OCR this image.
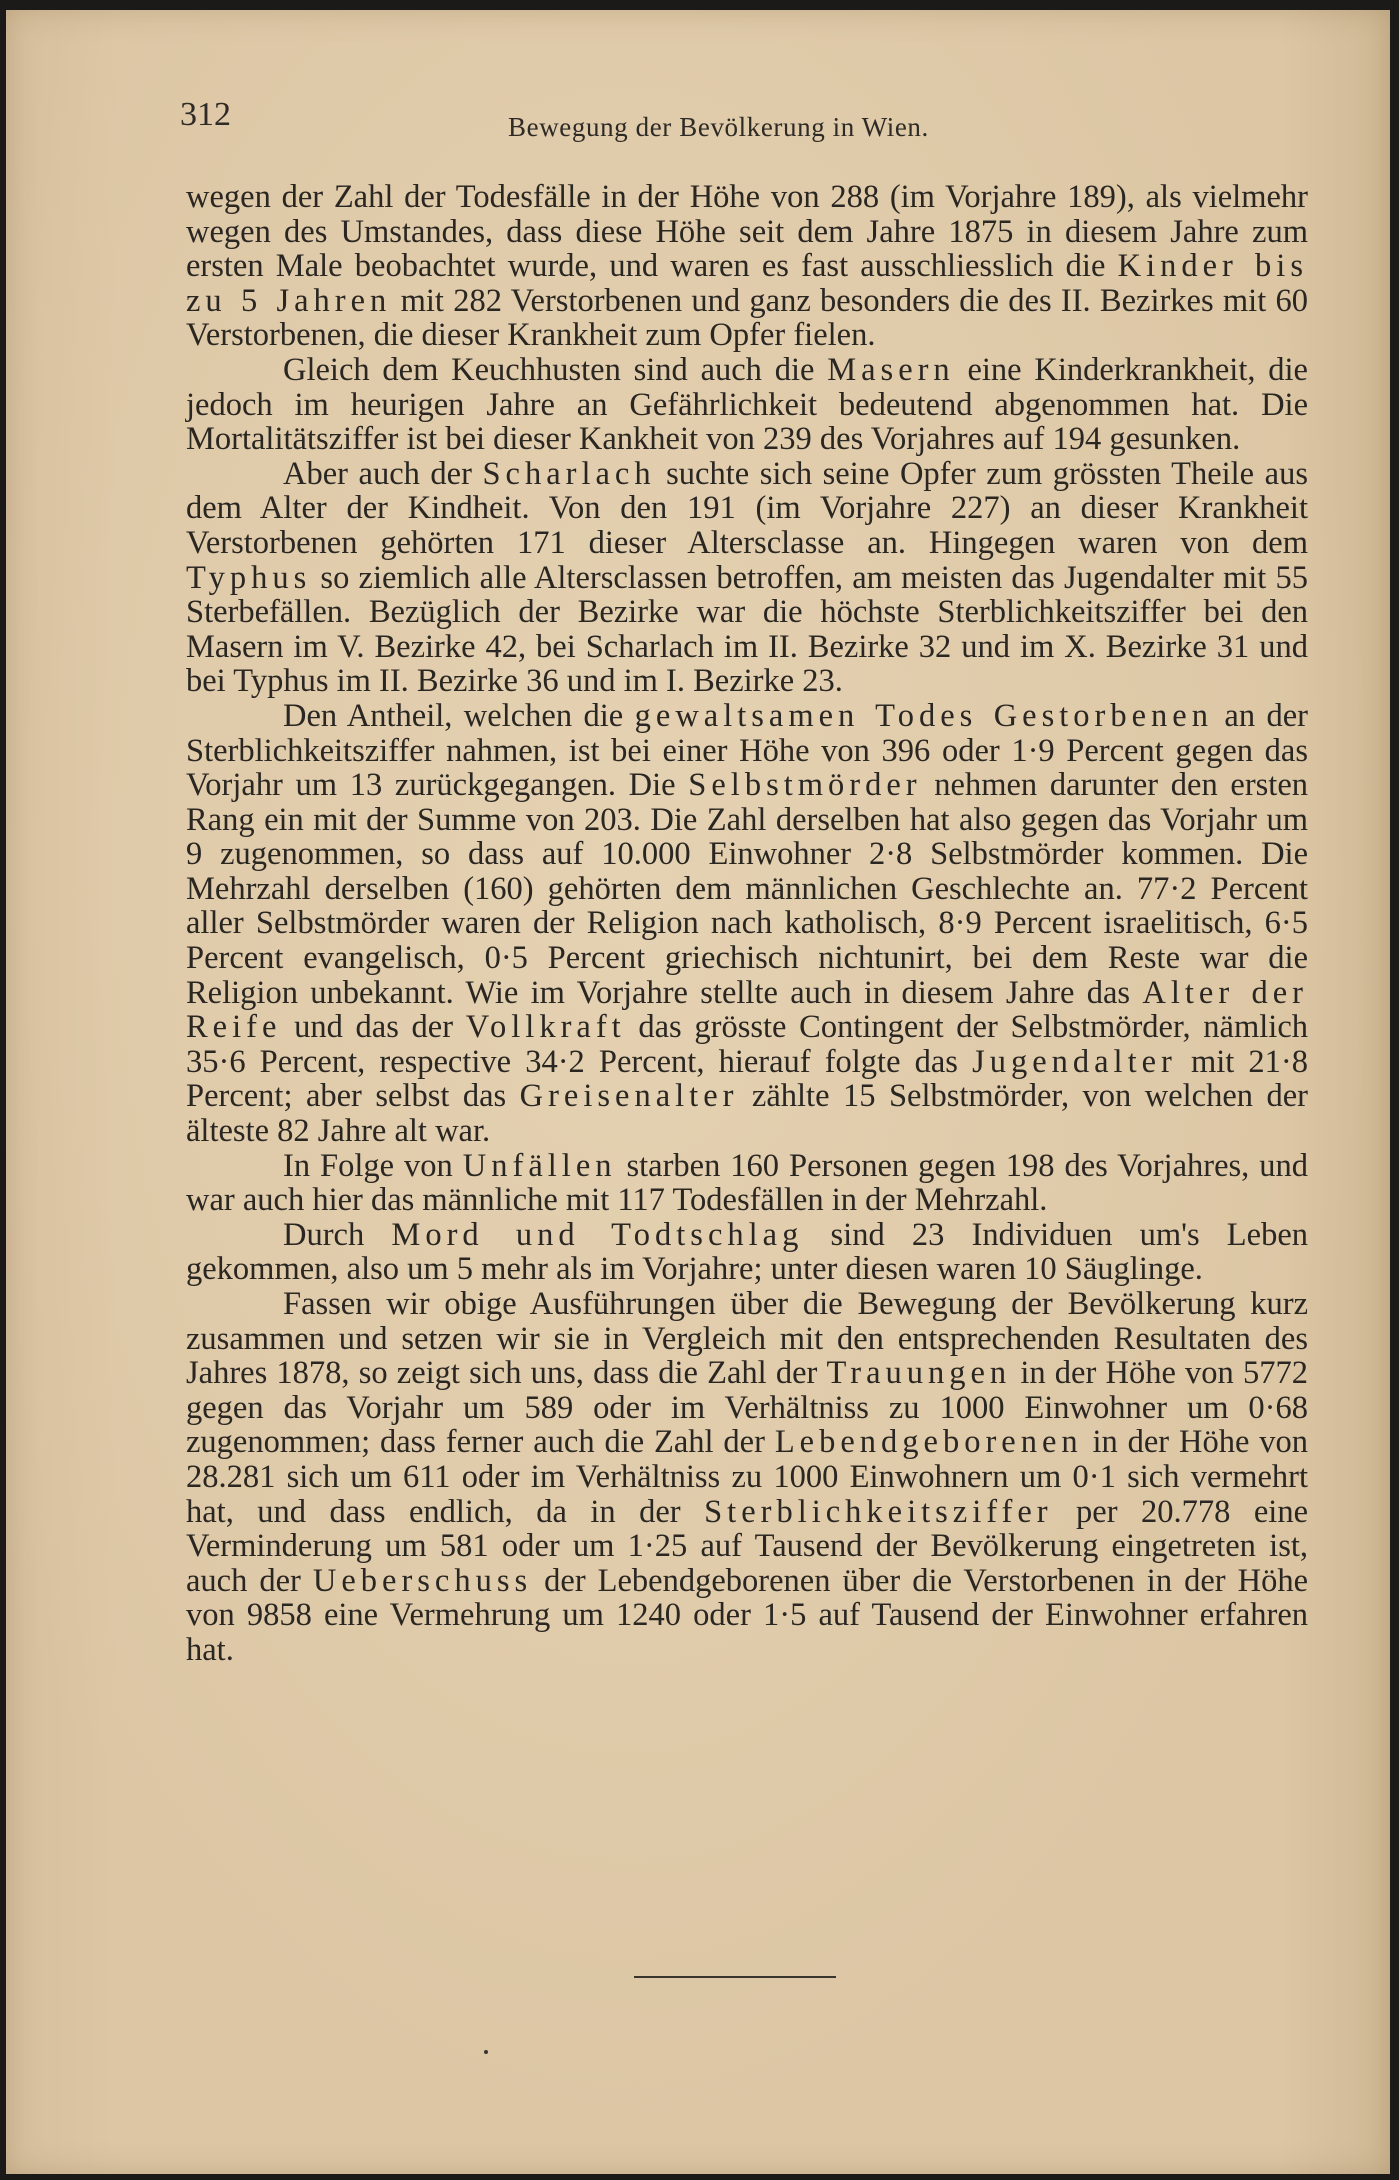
312	Bewegung der Bevölkerung in Wien.

wegen der Zahl der Todesfälle in der Höhe von 288 (im Vorjahre 189), als vielmehr wegen des Umstandes, dass diese Höhe seit dem Jahre 1875 in diesem Jahre zum ersten Male beobachtet wurde, und waren es fast ausschliesslich die Kinder bis zu 5 Jahren mit 282 Verstorbenen und ganz besonders die des II. Bezirkes mit 60 Verstorbenen, die dieser Krankheit zum Opfer fielen.

Gleich dem Keuchhusten sind auch die Masern eine Kinderkrankheit, die jedoch im heurigen Jahre an Gefährlichkeit bedeutend abgenommen hat. Die Mortalitätsziffer ist bei dieser Kankheit von 239 des Vorjahres auf 194 gesunken.

Aber auch der Scharlach suchte sich seine Opfer zum grössten Theile aus dem Alter der Kindheit. Von den 191 (im Vorjahre 227) an dieser Krankheit Verstorbenen gehörten 171 dieser Altersclasse an. Hingegen waren von dem Typhus so ziemlich alle Altersclassen betroffen, am meisten das Jugendalter mit 55 Sterbefällen. Bezüglich der Bezirke war die höchste Sterblichkeitsziffer bei den Masern im V. Bezirke 42, bei Scharlach im II. Bezirke 32 und im X. Bezirke 31 und bei Typhus im II. Bezirke 36 und im I. Bezirke 23.

Den Antheil, welchen die gewaltsamen Todes Gestorbenen an der Sterblichkeitsziffer nahmen, ist bei einer Höhe von 396 oder 1·9 Percent gegen das Vorjahr um 13 zurückgegangen. Die Selbstmörder nehmen darunter den ersten Rang ein mit der Summe von 203. Die Zahl derselben hat also gegen das Vorjahr um 9 zugenommen, so dass auf 10.000 Einwohner 2·8 Selbstmörder kommen. Die Mehrzahl derselben (160) gehörten dem männlichen Geschlechte an. 77·2 Percent aller Selbstmörder waren der Religion nach katholisch, 8·9 Percent israelitisch, 6·5 Percent evangelisch, 0·5 Percent griechisch nichtunirt, bei dem Reste war die Religion unbekannt. Wie im Vorjahre stellte auch in diesem Jahre das Alter der Reife und das der Vollkraft das grösste Contingent der Selbstmörder, nämlich 35·6 Percent, respective 34·2 Percent, hierauf folgte das Jugendalter mit 21·8 Percent; aber selbst das Greisenalter zählte 15 Selbstmörder, von welchen der älteste 82 Jahre alt war.

In Folge von Unfällen starben 160 Personen gegen 198 des Vorjahres, und war auch hier das männliche mit 117 Todesfällen in der Mehrzahl.

Durch Mord und Todtschlag sind 23 Individuen um's Leben gekommen, also um 5 mehr als im Vorjahre; unter diesen waren 10 Säuglinge.

Fassen wir obige Ausführungen über die Bewegung der Bevölkerung kurz zusammen und setzen wir sie in Vergleich mit den entsprechenden Resultaten des Jahres 1878, so zeigt sich uns, dass die Zahl der Trauungen in der Höhe von 5772 gegen das Vorjahr um 589 oder im Verhältniss zu 1000 Einwohner um 0·68 zugenommen; dass ferner auch die Zahl der Lebendgeborenen in der Höhe von 28.281 sich um 611 oder im Verhältniss zu 1000 Einwohnern um 0·1 sich vermehrt hat, und dass endlich, da in der Sterblichkeitsziffer per 20.778 eine Verminderung um 581 oder um 1·25 auf Tausend der Bevölkerung eingetreten ist, auch der Ueberschuss der Lebendgeborenen über die Verstorbenen in der Höhe von 9858 eine Vermehrung um 1240 oder 1·5 auf Tausend der Einwohner erfahren hat.
